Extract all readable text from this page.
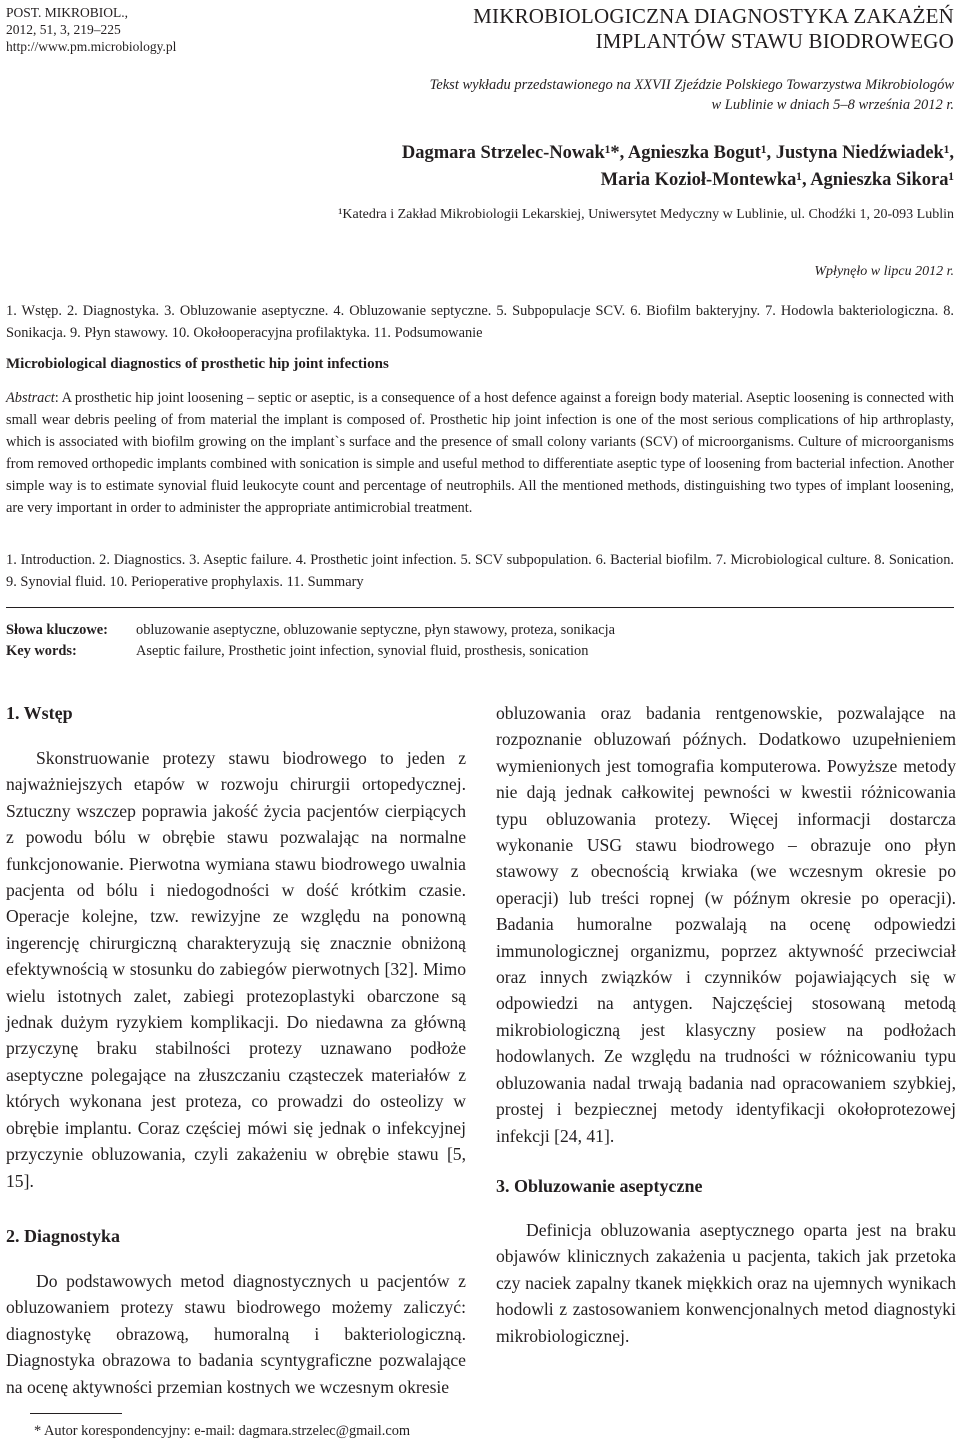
POST. MIKROBIOL.,
2012, 51, 3, 219–225
http://www.pm.microbiology.pl
MIKROBIOLOGICZNA DIAGNOSTYKA ZAKAŻEŃ
IMPLANTÓW STAWU BIODROWEGO
Tekst wykładu przedstawionego na XXVII Zjeździe Polskiego Towarzystwa Mikrobiologów
w Lublinie w dniach 5–8 września 2012 r.
Dagmara Strzelec-Nowak¹*, Agnieszka Bogut¹, Justyna Niedźwiadek¹,
Maria Kozioł-Montewka¹, Agnieszka Sikora¹
¹Katedra i Zakład Mikrobiologii Lekarskiej, Uniwersytet Medyczny w Lublinie, ul. Chodźki 1, 20-093 Lublin
Wpłynęło w lipcu 2012 r.
1. Wstęp. 2. Diagnostyka. 3. Obluzowanie aseptyczne. 4. Obluzowanie septyczne. 5. Subpopulacje SCV. 6. Biofilm bakteryjny. 7. Hodowla bakteriologiczna. 8. Sonikacja. 9. Płyn stawowy. 10. Okołooperacyjna profilaktyka. 11. Podsumowanie
Microbiological diagnostics of prosthetic hip joint infections
Abstract: A prosthetic hip joint loosening – septic or aseptic, is a consequence of a host defence against a foreign body material. Aseptic loosening is connected with small wear debris peeling of from material the implant is composed of. Prosthetic hip joint infection is one of the most serious complications of hip arthroplasty, which is associated with biofilm growing on the implant`s surface and the presence of small colony variants (SCV) of microorganisms. Culture of microorganisms from removed orthopedic implants combined with sonication is simple and useful method to differentiate aseptic type of loosening from bacterial infection. Another simple way is to estimate synovial fluid leukocyte count and percentage of neutrophils. All the mentioned methods, distinguishing two types of implant loosening, are very important in order to administer the appropriate antimicrobial treatment.
1. Introduction. 2. Diagnostics. 3. Aseptic failure. 4. Prosthetic joint infection. 5. SCV subpopulation. 6. Bacterial biofilm. 7. Microbiological culture. 8. Sonication. 9. Synovial fluid. 10. Perioperative prophylaxis. 11. Summary
Słowa kluczowe:	obluzowanie aseptyczne, obluzowanie septyczne, płyn stawowy, proteza, sonikacja
Key words:	Aseptic failure, Prosthetic joint infection, synovial fluid, prosthesis, sonication
1. Wstęp

Skonstruowanie protezy stawu biodrowego to jeden z najważniejszych etapów w rozwoju chirurgii ortopedycznej. Sztuczny wszczep poprawia jakość życia pacjentów cierpiących z powodu bólu w obrębie stawu pozwalając na normalne funkcjonowanie. Pierwotna wymiana stawu biodrowego uwalnia pacjenta od bólu i niedogodności w dość krótkim czasie. Operacje kolejne, tzw. rewizyjne ze względu na ponowną ingerencję chirurgiczną charakteryzują się znacznie obniżoną efektywnością w stosunku do zabiegów pierwotnych [32]. Mimo wielu istotnych zalet, zabiegi protezoplastyki obarczone są jednak dużym ryzykiem komplikacji. Do niedawna za główną przyczynę braku stabilności protezy uznawano podłoże aseptyczne polegające na złuszczaniu cząsteczek materiałów z których wykonana jest proteza, co prowadzi do osteolizy w obrębie implantu. Coraz częściej mówi się jednak o infekcyjnej przyczynie obluzowania, czyli zakażeniu w obrębie stawu [5, 15].

2. Diagnostyka

Do podstawowych metod diagnostycznych u pacjentów z obluzowaniem protezy stawu biodrowego możemy zaliczyć: diagnostykę obrazową, humoralną i bakteriologiczną. Diagnostyka obrazowa to badania scyntygraficzne pozwalające na ocenę aktywności przemian kostnych we wczesnym okresie

obluzowania oraz badania rentgenowskie, pozwalające na rozpoznanie obluzowań późnych. Dodatkowo uzupełnieniem wymienionych jest tomografia komputerowa. Powyższe metody nie dają jednak całkowitej pewności w kwestii różnicowania typu obluzowania protezy. Więcej informacji dostarcza wykonanie USG stawu biodrowego – obrazuje ono płyn stawowy z obecnością krwiaka (we wczesnym okresie po operacji) lub treści ropnej (w późnym okresie po operacji). Badania humoralne pozwalają na ocenę odpowiedzi immunologicznej organizmu, poprzez aktywność przeciwciał oraz innych związków i czynników pojawiających się w odpowiedzi na antygen. Najczęściej stosowaną metodą mikrobiologiczną jest klasyczny posiew na podłożach hodowlanych. Ze względu na trudności w różnicowaniu typu obluzowania nadal trwają badania nad opracowaniem szybkiej, prostej i bezpiecznej metody identyfikacji okołoprotezowej infekcji [24, 41].

3. Obluzowanie aseptyczne

Definicja obluzowania aseptycznego oparta jest na braku objawów klinicznych zakażenia u pacjenta, takich jak przetoka czy naciek zapalny tkanek miękkich oraz na ujemnych wynikach hodowli z zastosowaniem konwencjonalnych metod diagnostyki mikrobiologicznej.

* Autor korespondencyjny: e-mail: dagmara.strzelec@gmail.com
